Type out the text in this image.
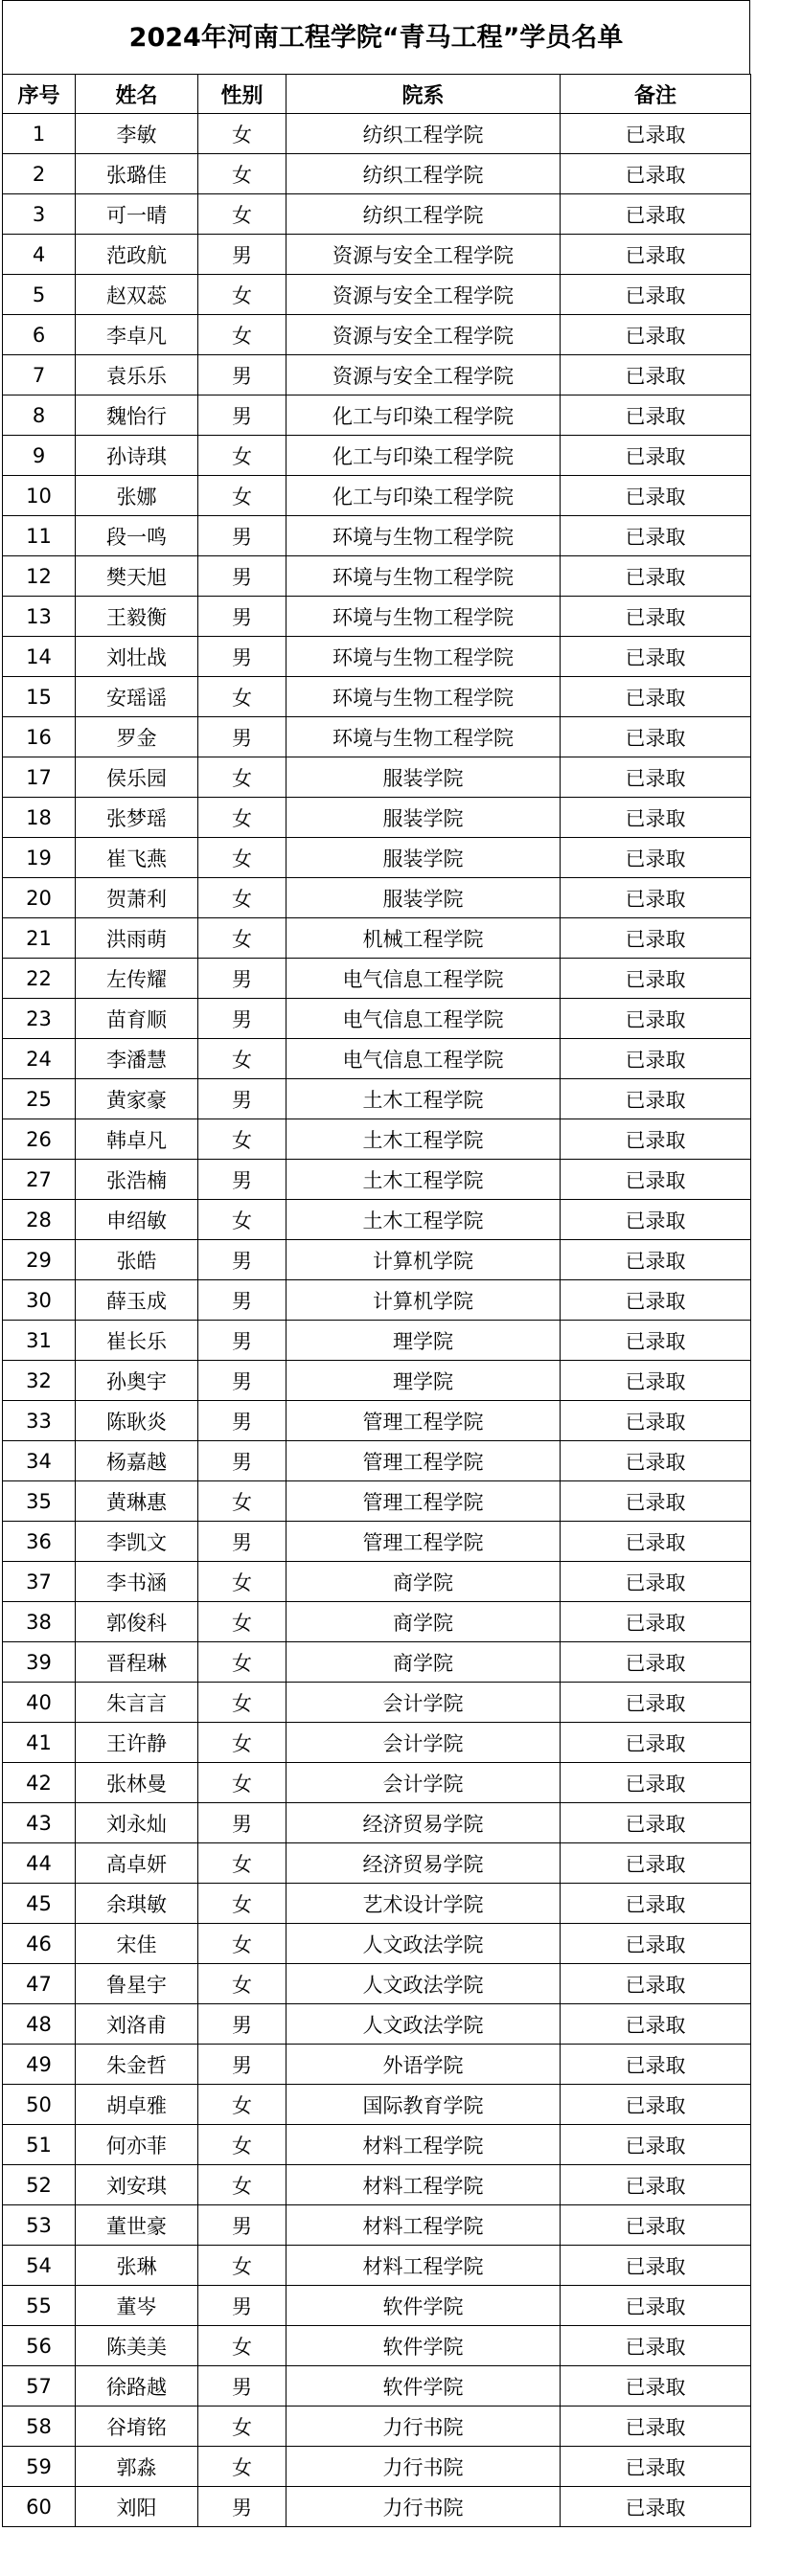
2024年河南工程学院“青马工程”学员名单
序号	姓名	性别	院系	备注
1	李敏	女	纺织工程学院	已录取
2	张璐佳	女	纺织工程学院	已录取
3	可一晴	女	纺织工程学院	已录取
4	范政航	男	资源与安全工程学院	已录取
5	赵双蕊	女	资源与安全工程学院	已录取
6	李卓凡	女	资源与安全工程学院	已录取
7	袁乐乐	男	资源与安全工程学院	已录取
8	魏怡行	男	化工与印染工程学院	已录取
9	孙诗琪	女	化工与印染工程学院	已录取
10	张娜	女	化工与印染工程学院	已录取
11	段一鸣	男	环境与生物工程学院	已录取
12	樊天旭	男	环境与生物工程学院	已录取
13	王毅衡	男	环境与生物工程学院	已录取
14	刘壮战	男	环境与生物工程学院	已录取
15	安瑶谣	女	环境与生物工程学院	已录取
16	罗金	男	环境与生物工程学院	已录取
17	侯乐园	女	服装学院	已录取
18	张梦瑶	女	服装学院	已录取
19	崔飞燕	女	服装学院	已录取
20	贺萧利	女	服装学院	已录取
21	洪雨萌	女	机械工程学院	已录取
22	左传耀	男	电气信息工程学院	已录取
23	苗育顺	男	电气信息工程学院	已录取
24	李潘慧	女	电气信息工程学院	已录取
25	黄家豪	男	土木工程学院	已录取
26	韩卓凡	女	土木工程学院	已录取
27	张浩楠	男	土木工程学院	已录取
28	申绍敏	女	土木工程学院	已录取
29	张皓	男	计算机学院	已录取
30	薛玉成	男	计算机学院	已录取
31	崔长乐	男	理学院	已录取
32	孙奥宇	男	理学院	已录取
33	陈耿炎	男	管理工程学院	已录取
34	杨嘉越	男	管理工程学院	已录取
35	黄琳惠	女	管理工程学院	已录取
36	李凯文	男	管理工程学院	已录取
37	李书涵	女	商学院	已录取
38	郭俊科	女	商学院	已录取
39	晋程琳	女	商学院	已录取
40	朱言言	女	会计学院	已录取
41	王许静	女	会计学院	已录取
42	张林曼	女	会计学院	已录取
43	刘永灿	男	经济贸易学院	已录取
44	高卓妍	女	经济贸易学院	已录取
45	余琪敏	女	艺术设计学院	已录取
46	宋佳	女	人文政法学院	已录取
47	鲁星宇	女	人文政法学院	已录取
48	刘洛甫	男	人文政法学院	已录取
49	朱金哲	男	外语学院	已录取
50	胡卓雅	女	国际教育学院	已录取
51	何亦菲	女	材料工程学院	已录取
52	刘安琪	女	材料工程学院	已录取
53	董世豪	男	材料工程学院	已录取
54	张琳	女	材料工程学院	已录取
55	董岑	男	软件学院	已录取
56	陈美美	女	软件学院	已录取
57	徐路越	男	软件学院	已录取
58	谷堉铭	女	力行书院	已录取
59	郭淼	女	力行书院	已录取
60	刘阳	男	力行书院	已录取
